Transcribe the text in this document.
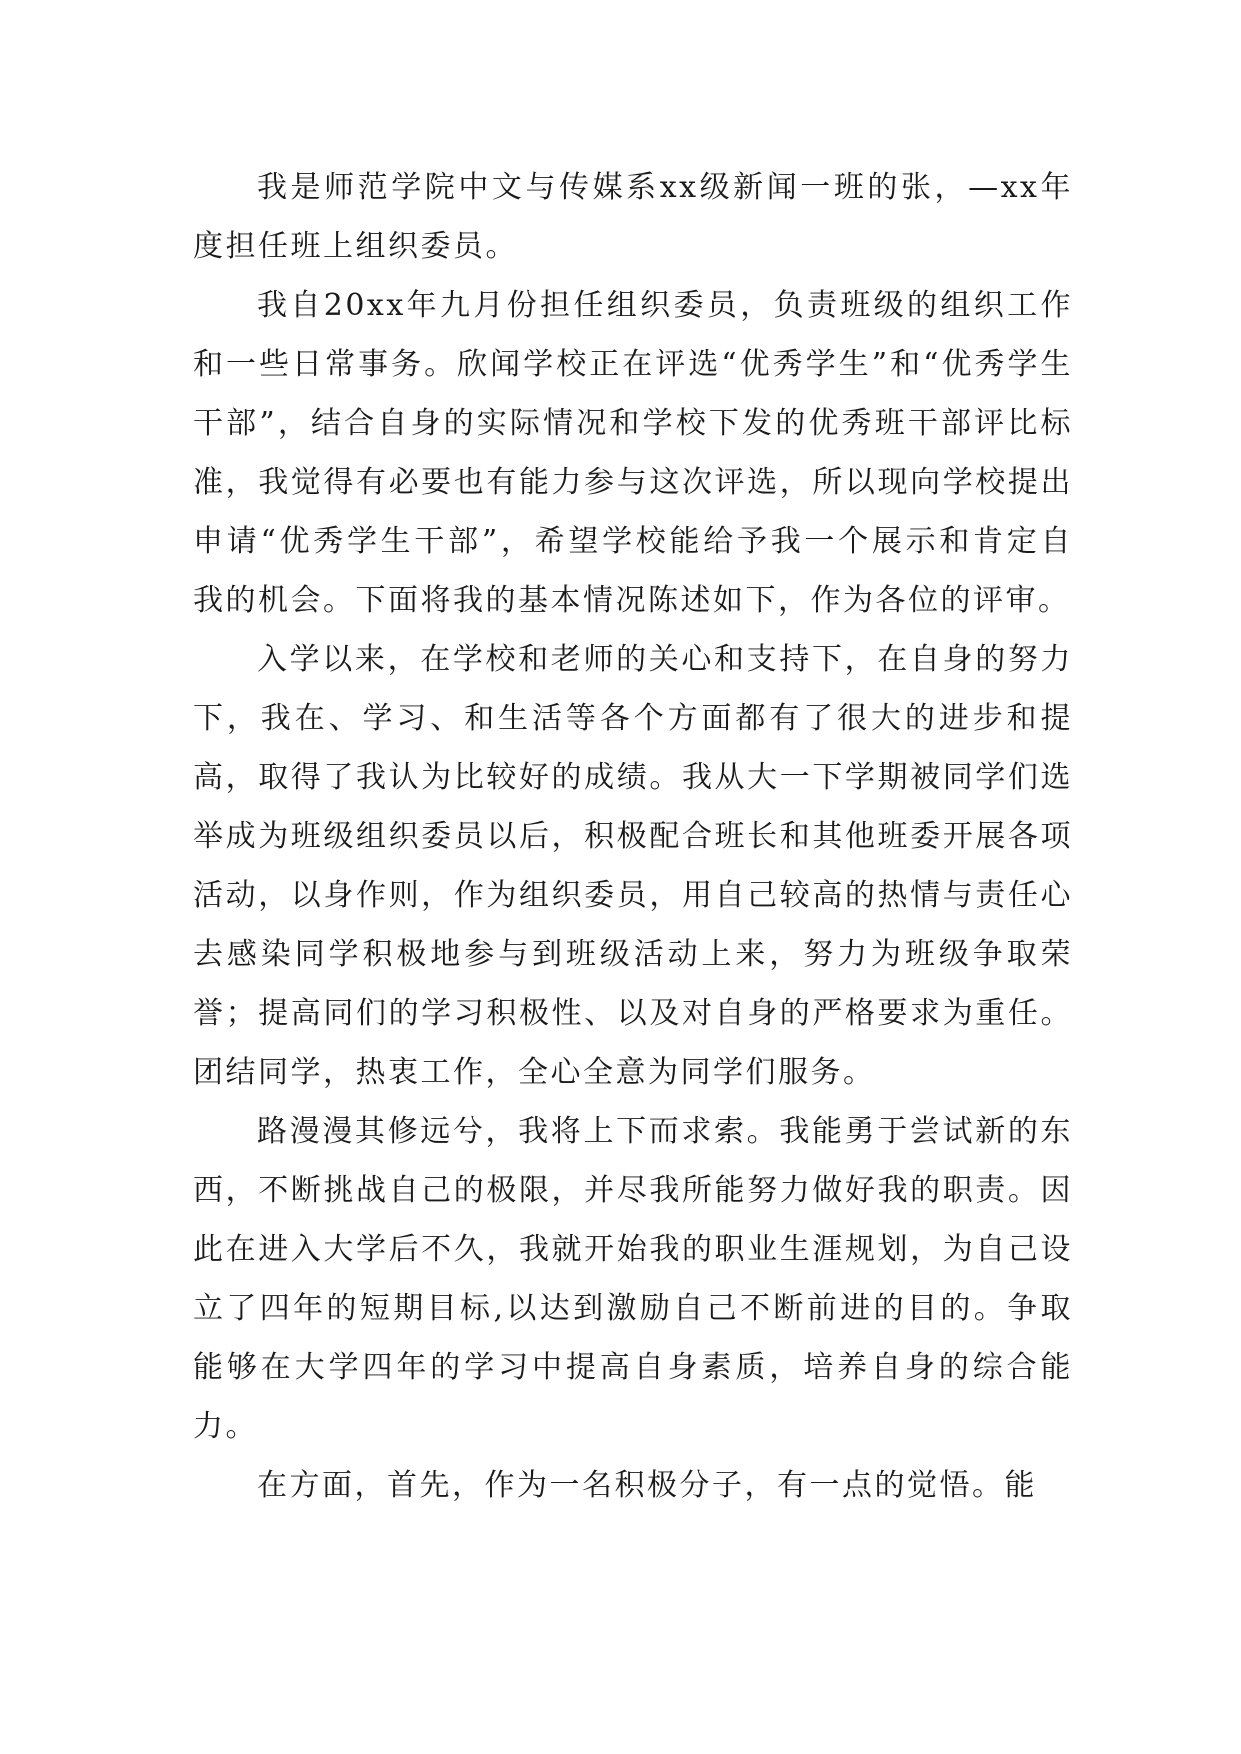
我是师范学院中文与传媒系xx级新闻一班的张，—xx年度担任班上组织委员。

我自20xx年九月份担任组织委员，负责班级的组织工作和一些日常事务。欣闻学校正在评选“优秀学生”和“优秀学生干部”，结合自身的实际情况和学校下发的优秀班干部评比标准，我觉得有必要也有能力参与这次评选，所以现向学校提出申请“优秀学生干部”，希望学校能给予我一个展示和肯定自我的机会。下面将我的基本情况陈述如下，作为各位的评审。

入学以来，在学校和老师的关心和支持下，在自身的努力下，我在、学习、和生活等各个方面都有了很大的进步和提高，取得了我认为比较好的成绩。我从大一下学期被同学们选举成为班级组织委员以后，积极配合班长和其他班委开展各项活动，以身作则，作为组织委员，用自己较高的热情与责任心去感染同学积极地参与到班级活动上来，努力为班级争取荣誉；提高同们的学习积极性、以及对自身的严格要求为重任。团结同学，热衷工作，全心全意为同学们服务。

路漫漫其修远兮，我将上下而求索。我能勇于尝试新的东西，不断挑战自己的极限，并尽我所能努力做好我的职责。因此在进入大学后不久，我就开始我的职业生涯规划，为自己设立了四年的短期目标,以达到激励自己不断前进的目的。争取能够在大学四年的学习中提高自身素质，培养自身的综合能力。

在方面，首先，作为一名积极分子，有一点的觉悟。能
